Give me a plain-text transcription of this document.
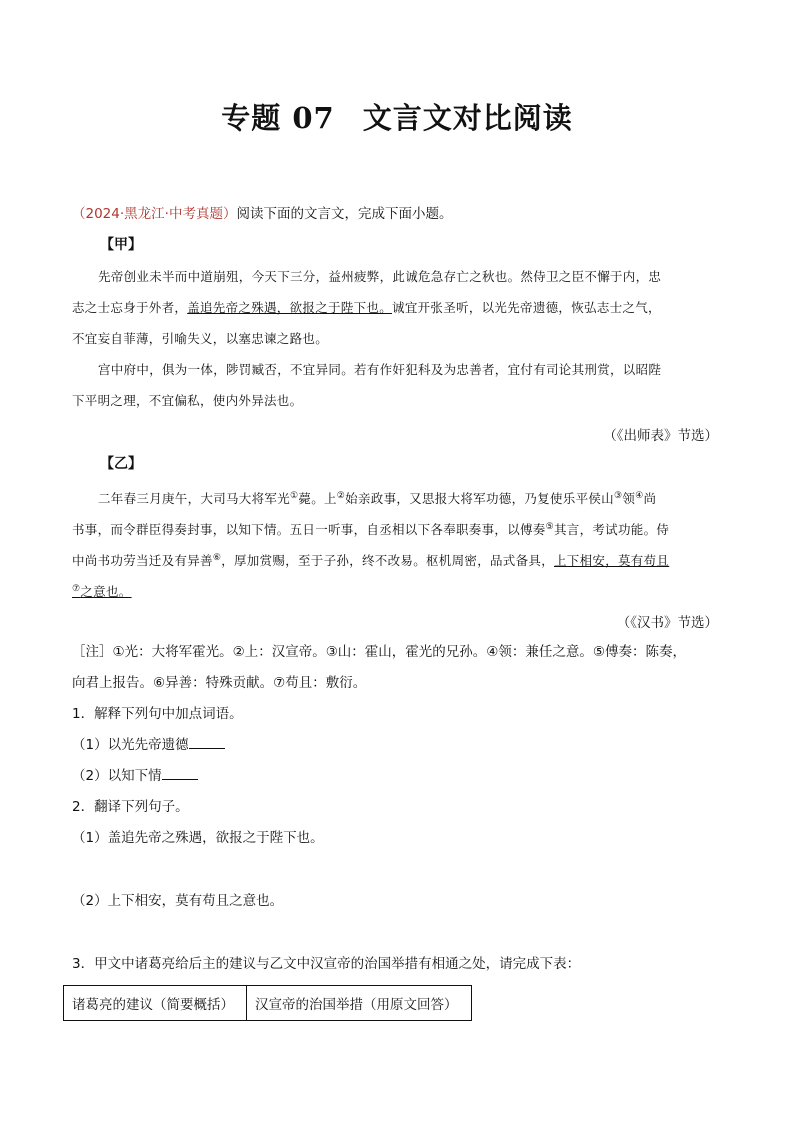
专题 07 文言文对比阅读
（2024·黑龙江·中考真题）阅读下面的文言文，完成下面小题。
【甲】
先帝创业未半而中道崩殂，今天下三分，益州疲弊，此诚危急存亡之秋也。然侍卫之臣不懈于内，忠
志之士忘身于外者，盖追先帝之殊遇，欲报之于陛下也。诚宜开张圣听，以光先帝遗德，恢弘志士之气，
不宜妄自菲薄，引喻失义，以塞忠谏之路也。
宫中府中，俱为一体，陟罚臧否，不宜异同。若有作奸犯科及为忠善者，宜付有司论其刑赏，以昭陛
下平明之理，不宜偏私，使内外异法也。
（《出师表》节选）
【乙】
二年春三月庚午，大司马大将军光①薨。上②始亲政事，又思报大将军功德，乃复使乐平侯山③领④尚
书事，而令群臣得奏封事，以知下情。五日一听事，自丞相以下各奉职奏事，以傅奏⑤其言，考试功能。侍
中尚书功劳当迁及有异善⑥，厚加赏赐，至于子孙，终不改易。枢机周密，品式备具，上下相安，莫有苟且
⑦之意也。
（《汉书》节选）
［注］①光：大将军霍光。②上：汉宣帝。③山：霍山，霍光的兄孙。④领：兼任之意。⑤傅奏：陈奏，
向君上报告。⑥异善：特殊贡献。⑦苟且：敷衍。
1．解释下列句中加点词语。
（1）以光先帝遗德
（2）以知下情
2．翻译下列句子。
（1）盖追先帝之殊遇，欲报之于陛下也。
（2）上下相安，莫有苟且之意也。
3．甲文中诸葛亮给后主的建议与乙文中汉宣帝的治国举措有相通之处，请完成下表：
诸葛亮的建议（简要概括）	汉宣帝的治国举措（用原文回答）
